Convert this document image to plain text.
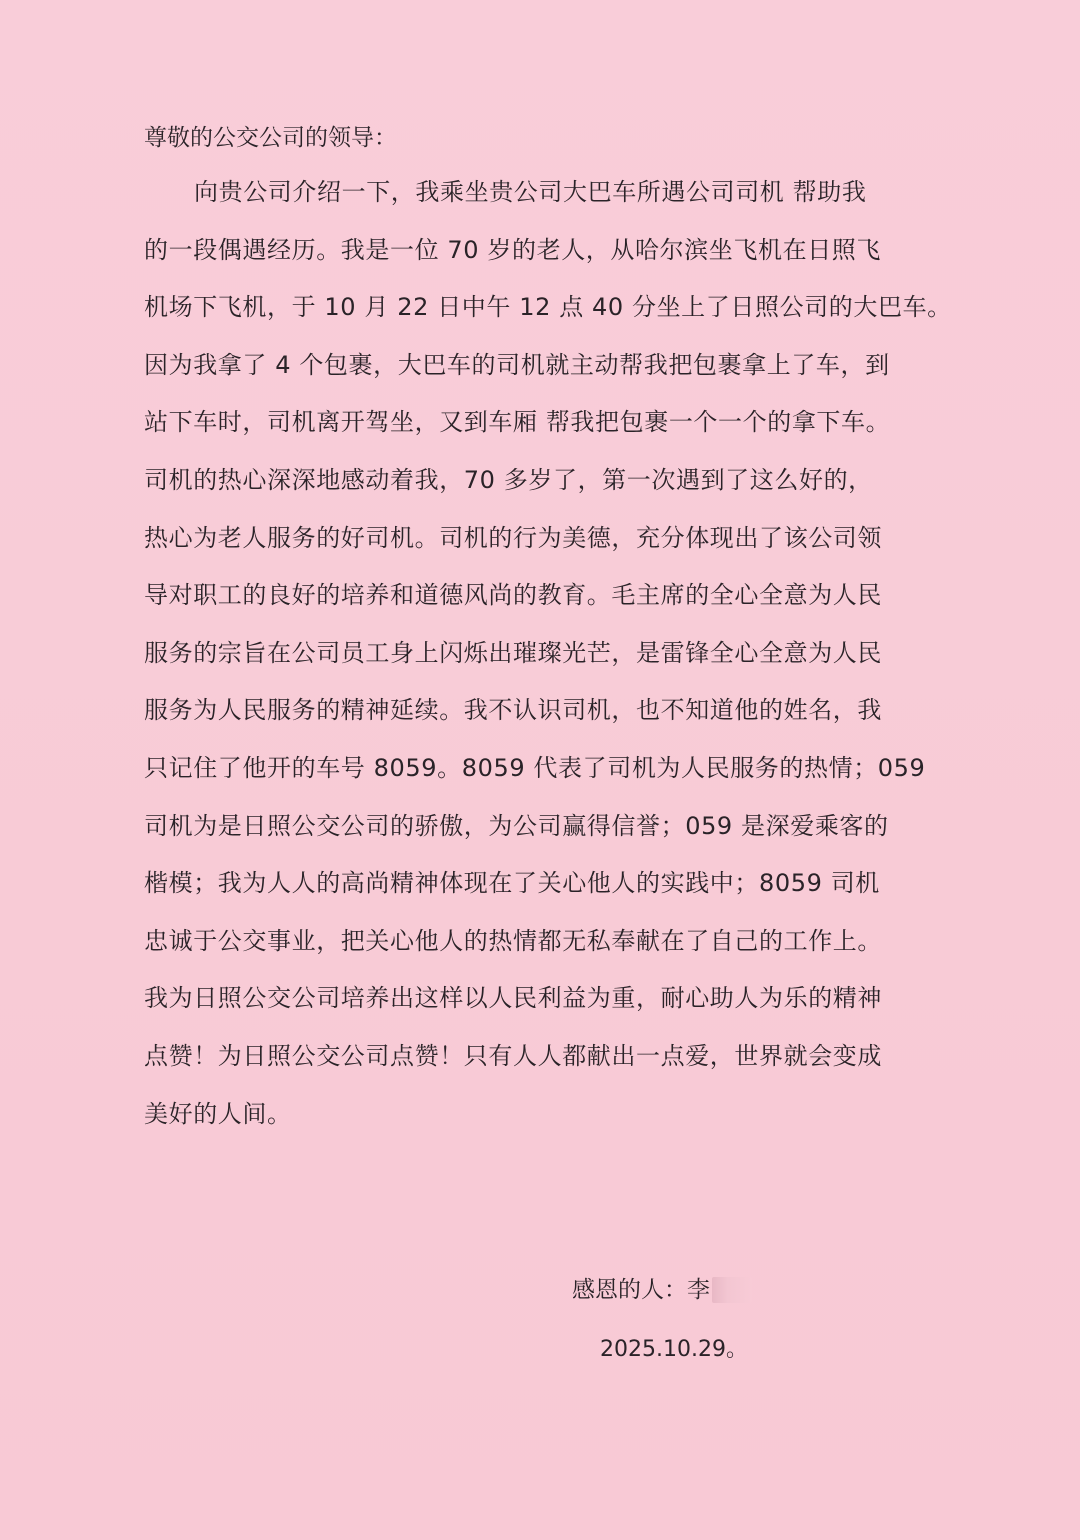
尊敬的公交公司的领导：

向贵公司介绍一下，我乘坐贵公司大巴车所遇公司司机 帮助我

的一段偶遇经历。我是一位 70 岁的老人，从哈尔滨坐飞机在日照飞

机场下飞机，于 10 月 22 日中午 12 点 40 分坐上了日照公司的大巴车。

因为我拿了 4 个包裹，大巴车的司机就主动帮我把包裹拿上了车，到

站下车时，司机离开驾坐，又到车厢 帮我把包裹一个一个的拿下车。

司机的热心深深地感动着我，70 多岁了，第一次遇到了这么好的，

热心为老人服务的好司机。司机的行为美德，充分体现出了该公司领

导对职工的良好的培养和道德风尚的教育。毛主席的全心全意为人民

服务的宗旨在公司员工身上闪烁出璀璨光芒，是雷锋全心全意为人民

服务为人民服务的精神延续。我不认识司机，也不知道他的姓名，我

只记住了他开的车号 8059。8059 代表了司机为人民服务的热情；059

司机为是日照公交公司的骄傲，为公司赢得信誉；059 是深爱乘客的

楷模；我为人人的高尚精神体现在了关心他人的实践中；8059 司机

忠诚于公交事业，把关心他人的热情都无私奉献在了自己的工作上。

我为日照公交公司培养出这样以人民利益为重，耐心助人为乐的精神

点赞！为日照公交公司点赞！只有人人都献出一点爱，世界就会变成

美好的人间。

感恩的人：李
2025.10.29。
